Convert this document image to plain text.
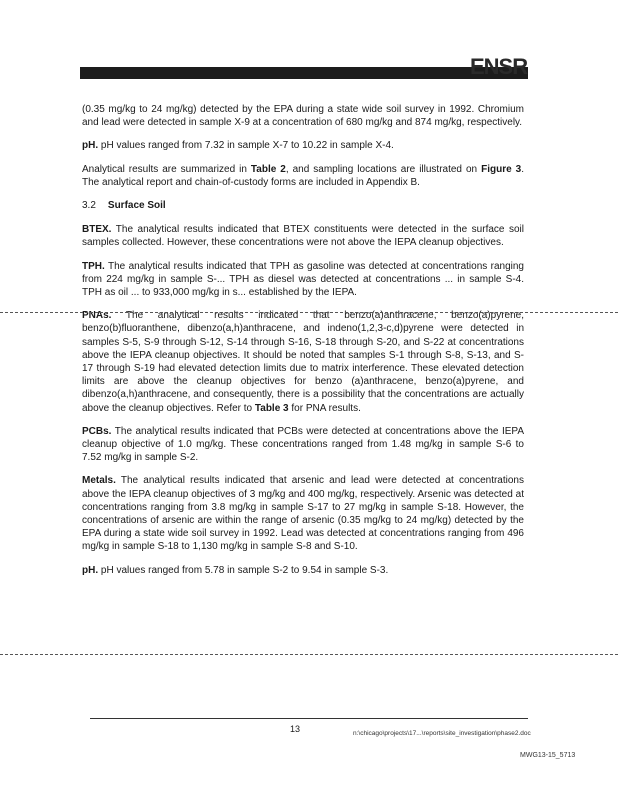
ENSR

(0.35 mg/kg to 24 mg/kg) detected by the EPA during a state wide soil survey in 1992. Chromium and lead were detected in sample X-9 at a concentration of 680 mg/kg and 874 mg/kg, respectively.

pH. pH values ranged from 7.32 in sample X-7 to 10.22 in sample X-4.

Analytical results are summarized in Table 2, and sampling locations are illustrated on Figure 3. The analytical report and chain-of-custody forms are included in Appendix B.

3.2 Surface Soil

BTEX. The analytical results indicated that BTEX constituents were detected in the surface soil samples collected. However, these concentrations were not above the IEPA cleanup objectives.

TPH. The analytical results indicated that TPH as gasoline was detected at concentrations ranging from 224 mg/kg in sample S-... TPH as diesel was detected at concentrations ... in sample S-4. TPH as oil ... to 933,000 mg/kg in s... established by the IEPA.

PNAs. The analytical results indicated that benzo(a)anthracene, benzo(a)pyrene, benzo(b)fluoranthene, dibenzo(a,h)anthracene, and indeno(1,2,3-c,d)pyrene were detected in samples S-5, S-9 through S-12, S-14 through S-16, S-18 through S-20, and S-22 at concentrations above the IEPA cleanup objectives. It should be noted that samples S-1 through S-8, S-13, and S-17 through S-19 had elevated detection limits due to matrix interference. These elevated detection limits are above the cleanup objectives for benzo (a)anthracene, benzo(a)pyrene, and dibenzo(a,h)anthracene, and consequently, there is a possibility that the concentrations are actually above the cleanup objectives. Refer to Table 3 for PNA results.

PCBs. The analytical results indicated that PCBs were detected at concentrations above the IEPA cleanup objective of 1.0 mg/kg. These concentrations ranged from 1.48 mg/kg in sample S-6 to 7.52 mg/kg in sample S-2.

Metals. The analytical results indicated that arsenic and lead were detected at concentrations above the IEPA cleanup objectives of 3 mg/kg and 400 mg/kg, respectively. Arsenic was detected at concentrations ranging from 3.8 mg/kg in sample S-17 to 27 mg/kg in sample S-18. However, the concentrations of arsenic are within the range of arsenic (0.35 mg/kg to 24 mg/kg) detected by the EPA during a state wide soil survey in 1992. Lead was detected at concentrations ranging from 496 mg/kg in sample S-18 to 1,130 mg/kg in sample S-8 and S-10.

pH. pH values ranged from 5.78 in sample S-2 to 9.54 in sample S-3.

13	n:\chicago\projects\17...\reports\site_investigation\phase2.doc
MWG13-15_5713
